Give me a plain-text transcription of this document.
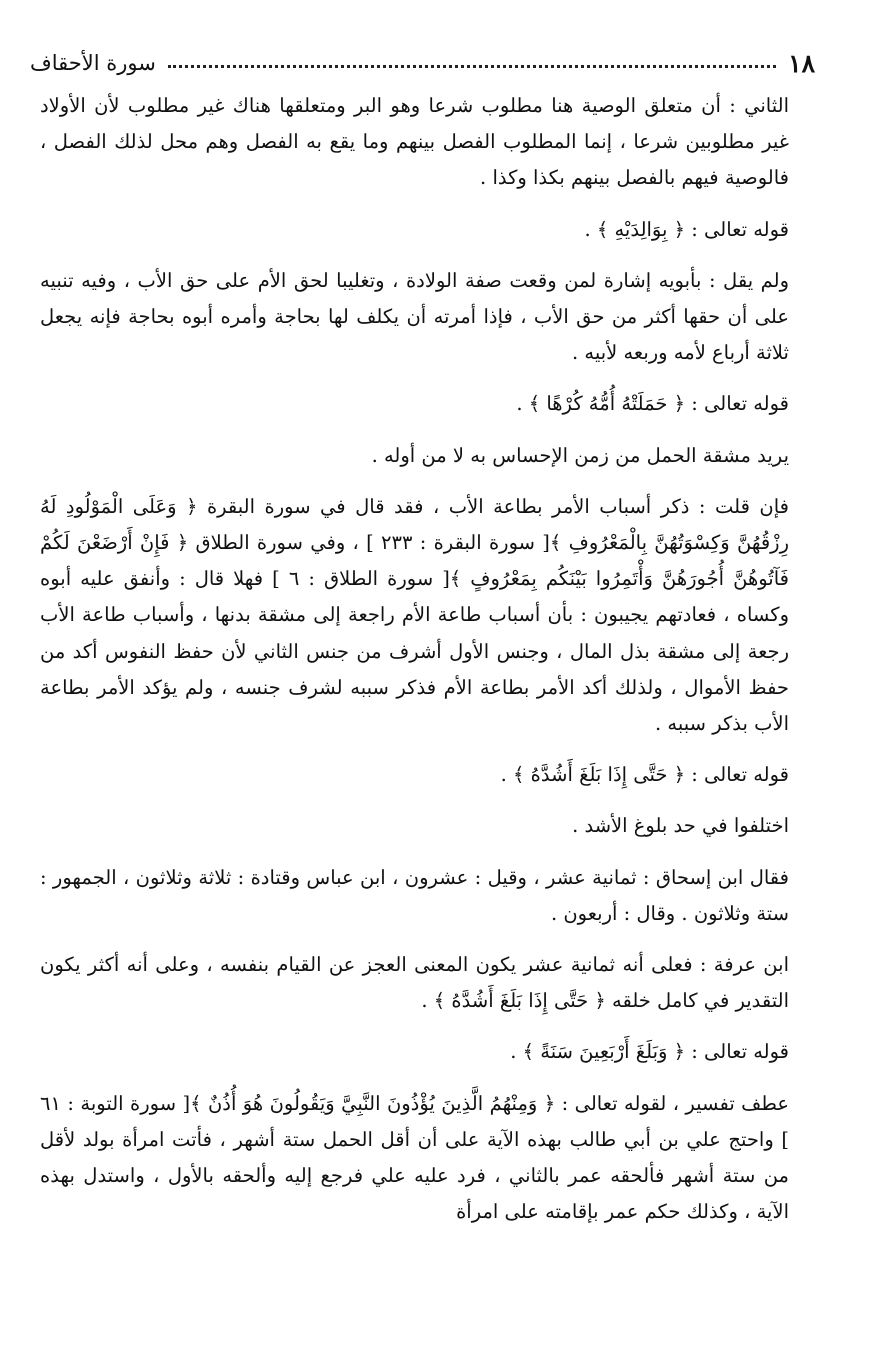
١٨
سورة الأحقاف

الثاني : أن متعلق الوصية هنا مطلوب شرعا وهو البر ومتعلقها هناك غير مطلوب لأن الأولاد غير مطلوبين شرعا ، إنما المطلوب الفصل بينهم وما يقع به الفصل وهم محل لذلك الفصل ، فالوصية فيهم بالفصل بينهم بكذا وكذا .

قوله تعالى : ﴿ بِوَالِدَيْهِ ﴾ .

ولم يقل : بأبويه إشارة لمن وقعت صفة الولادة ، وتغليبا لحق الأم على حق الأب ، وفيه تنبيه على أن حقها أكثر من حق الأب ، فإذا أمرته أن يكلف لها بحاجة وأمره أبوه بحاجة فإنه يجعل ثلاثة أرباع لأمه وربعه لأبيه .

قوله تعالى : ﴿ حَمَلَتْهُ أُمُّهُ كُرْهًا ﴾ .

يريد مشقة الحمل من زمن الإحساس به لا من أوله .

فإن قلت : ذكر أسباب الأمر بطاعة الأب ، فقد قال في سورة البقرة ﴿ وَعَلَى الْمَوْلُودِ لَهُ رِزْقُهُنَّ وَكِسْوَتُهُنَّ بِالْمَعْرُوفِ ﴾[ سورة البقرة : ٢٣٣ ] ، وفي سورة الطلاق ﴿ فَإِنْ أَرْضَعْنَ لَكُمْ فَآتُوهُنَّ أُجُورَهُنَّ وَأْتَمِرُوا بَيْنَكُم بِمَعْرُوفٍ ﴾[ سورة الطلاق : ٦ ] فهلا قال : وأنفق عليه أبوه وكساه ، فعادتهم يجيبون : بأن أسباب طاعة الأم راجعة إلى مشقة بدنها ، وأسباب طاعة الأب رجعة إلى مشقة بذل المال ، وجنس الأول أشرف من جنس الثاني لأن حفظ النفوس أكد من حفظ الأموال ، ولذلك أكد الأمر بطاعة الأم فذكر سببه لشرف جنسه ، ولم يؤكد الأمر بطاعة الأب بذكر سببه .

قوله تعالى : ﴿ حَتَّى إِذَا بَلَغَ أَشُدَّهُ ﴾ .

اختلفوا في حد بلوغ الأشد .

فقال ابن إسحاق : ثمانية عشر ، وقيل : عشرون ، ابن عباس وقتادة : ثلاثة وثلاثون ، الجمهور : ستة وثلاثون . وقال : أربعون .

ابن عرفة : فعلى أنه ثمانية عشر يكون المعنى العجز عن القيام بنفسه ، وعلى أنه أكثر يكون التقدير في كامل خلقه ﴿ حَتَّى إِذَا بَلَغَ أَشُدَّهُ ﴾ .

قوله تعالى : ﴿ وَبَلَغَ أَرْبَعِينَ سَنَةً ﴾ .

عطف تفسير ، لقوله تعالى : ﴿ وَمِنْهُمُ الَّذِينَ يُؤْذُونَ النَّبِيَّ وَيَقُولُونَ هُوَ أُذُنٌ ﴾[ سورة التوبة : ٦١ ] واحتج علي بن أبي طالب بهذه الآية على أن أقل الحمل ستة أشهر ، فأتت امرأة بولد لأقل من ستة أشهر فألحقه عمر بالثاني ، فرد عليه علي فرجع إليه وألحقه بالأول ، واستدل بهذه الآية ، وكذلك حكم عمر بإقامته على امرأة
